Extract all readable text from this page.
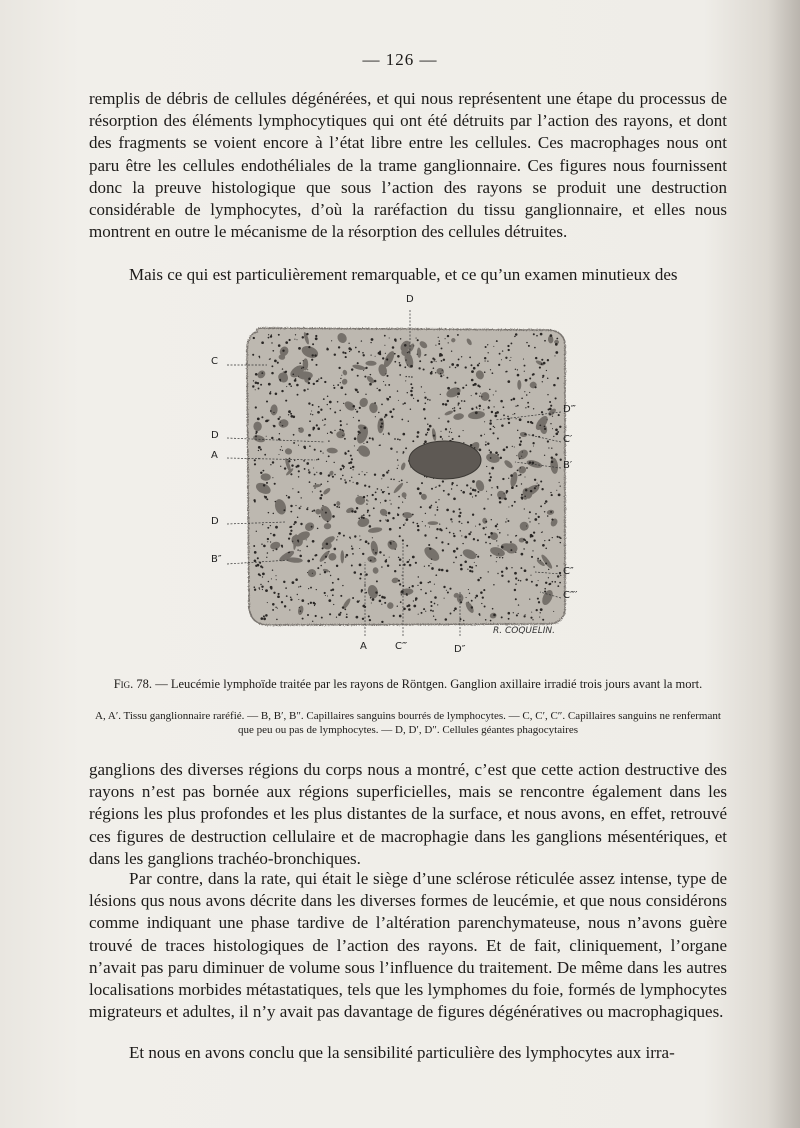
— 126 —

remplis de débris de cellules dégénérées, et qui nous représentent une étape du processus de résorption des éléments lymphocytiques qui ont été détruits par l’action des rayons, et dont des fragments se voient encore à l’état libre entre les cellules. Ces macrophages nous ont paru être les cellules endothéliales de la trame ganglionnaire. Ces figures nous fournissent donc la preuve histologique que sous l’action des rayons se produit une destruction considérable de lymphocytes, d’où la raréfaction du tissu ganglionnaire, et elles nous montrent en outre le mécanisme de la résorption des cellules détruites.

Mais ce qui est particulièrement remarquable, et ce qu’un examen minutieux des

D
C
D
A
D
B″
D‴
C′
B′
C″
C‴′
A	C‴	D″
R. COQUELIN.

Fig. 78. — Leucémie lymphoïde traitée par les rayons de Röntgen. Ganglion axillaire irradié trois jours avant la mort.

A, A′. Tissu ganglionnaire raréfié. — B, B′, B″. Capillaires sanguins bourrés de lymphocytes. — C, C′, C″. Capillaires sanguins ne renfermant que peu ou pas de lymphocytes. — D, D′, D″. Cellules géantes phagocytaires

ganglions des diverses régions du corps nous a montré, c’est que cette action destructive des rayons n’est pas bornée aux régions superficielles, mais se rencontre également dans les régions les plus profondes et les plus distantes de la surface, et nous avons, en effet, retrouvé ces figures de destruction cellulaire et de macrophagie dans les ganglions mésentériques, et dans les ganglions trachéo-bronchiques.

Par contre, dans la rate, qui était le siège d’une sclérose réticulée assez intense, type de lésions qus nous avons décrite dans les diverses formes de leucémie, et que nous considérons comme indiquant une phase tardive de l’altération parenchymateuse, nous n’avons guère trouvé de traces histologiques de l’action des rayons. Et de fait, cliniquement, l’organe n’avait pas paru diminuer de volume sous l’influence du traitement. De même dans les autres localisations morbides métastatiques, tels que les lymphomes du foie, formés de lymphocytes migrateurs et adultes, il n’y avait pas davantage de figures dégénératives ou macrophagiques.

Et nous en avons conclu que la sensibilité particulière des lymphocytes aux irra-
